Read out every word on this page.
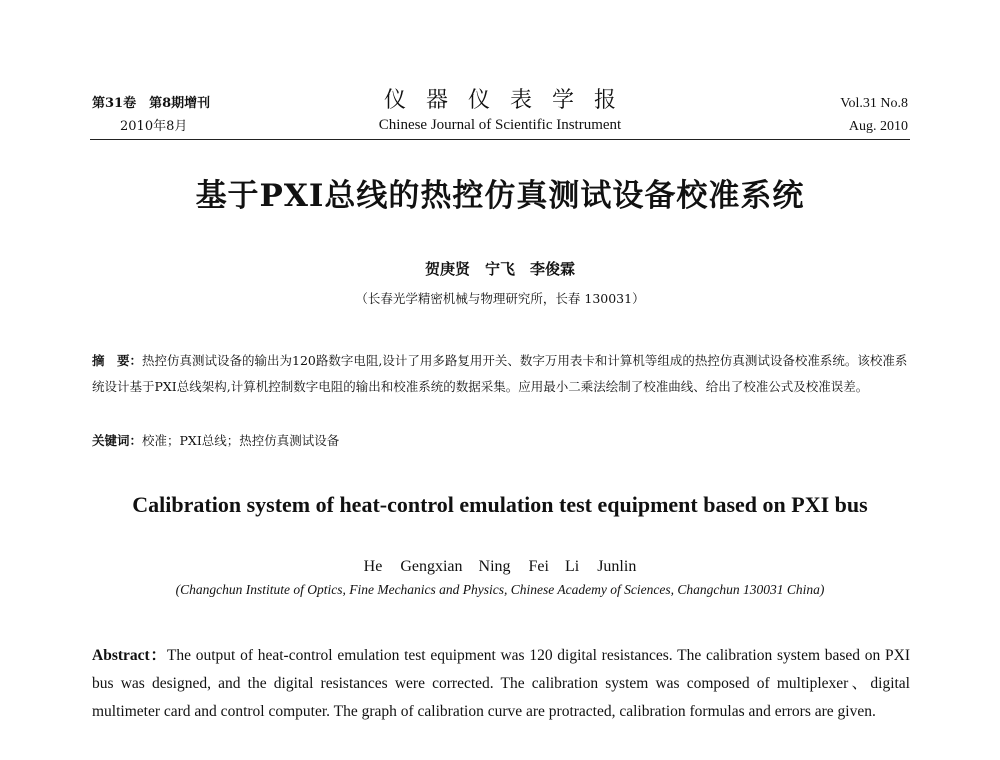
第31卷　第8期增刊
2010年8月
仪器仪表学报
Chinese Journal of Scientific Instrument
Vol.31 No.8
Aug. 2010
基于PXI总线的热控仿真测试设备校准系统
贺庚贤　宁飞　李俊霖
（长春光学精密机械与物理研究所，长春 130031）
摘　要：热控仿真测试设备的输出为120路数字电阻,设计了用多路复用开关、数字万用表卡和计算机等组成的热控仿真测试设备校准系统。该校准系统设计基于PXI总线架构,计算机控制数字电阻的输出和校准系统的数据采集。应用最小二乘法绘制了校准曲线、给出了校准公式及校准误差。
关键词：校准；PXI总线；热控仿真测试设备
Calibration system of heat-control emulation test equipment based on PXI bus
He Gengxian　Ning Fei　Li Junlin
(Changchun Institute of Optics, Fine Mechanics and Physics, Chinese Academy of Sciences, Changchun 130031 China)
Abstract：The output of heat-control emulation test equipment was 120 digital resistances. The calibration system based on PXI bus was designed, and the digital resistances were corrected. The calibration system was composed of multiplexer、digital multimeter card and control computer. The graph of calibration curve are protracted, calibration formulas and errors are given.
